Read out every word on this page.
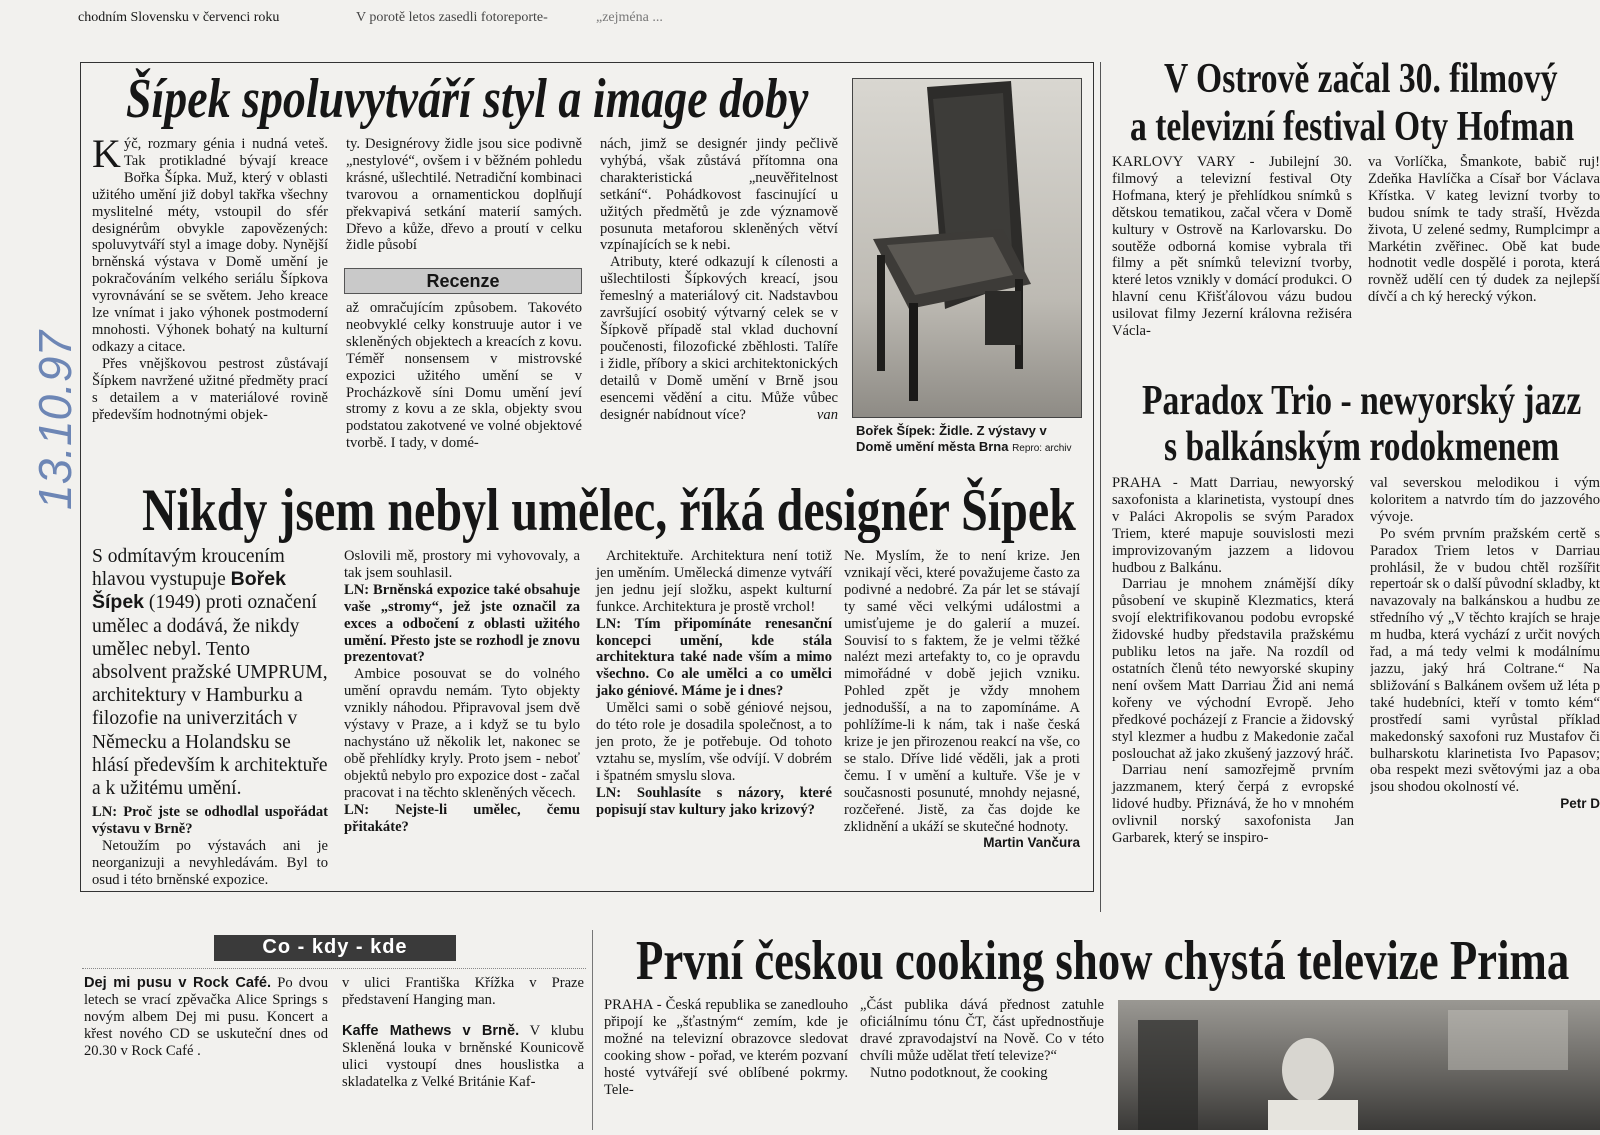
chodním Slovensku v červenci roku	V porotě letos zasedli fotoreporte-	„zejména ...
13.10.97
Šípek spoluvytváří styl a image doby

Kýč, rozmary génia i nudná veteš. Tak protikladné bývají kreace Bořka Šípka. Muž, který v oblasti užitého umění již dobyl takřka všechny myslitelné méty, vstoupil do sfér designérům obvykle zapovězených: spoluvytváří styl a image doby. Nynější brněnská výstava v Domě umění je pokračováním velkého seriálu Šípkova vyrovnávání se se světem. Jeho kreace lze vnímat i jako výhonek postmoderní mnohosti. Výhonek bohatý na kulturní odkazy a citace.

Přes vnějškovou pestrost zůstávají Šípkem navržené užitné předměty prací s detailem a v materiálové rovině především hodnotnými objek-

ty. Designérovy židle jsou sice podivně „nestylové“, ovšem i v běžném pohledu krásné, ušlechtilé. Netradiční kombinaci tvarovou a ornamentickou doplňují překvapivá setkání materií samých. Dřevo a kůže, dřevo a proutí v celku židle působí

Recenze

až omračujícím způsobem. Takovéto neobvyklé celky konstruuje autor i ve skleněných objektech a kreacích z kovu. Téměř nonsensem v mistrovské expozici užitého umění se v Procházkově síni Domu umění jeví stromy z kovu a ze skla, objekty svou podstatou zakotvené ve volné objektové tvorbě. I tady, v domé-

nách, jimž se designér jindy pečlivě vyhýbá, však zůstává přítomna ona charakteristická „neuvěřitelnost setkání“. Pohádkovost fascinující u užitých předmětů je zde významově posunuta metaforou skleněných větví vzpínajících se k nebi.

Atributy, které odkazují k cílenosti a ušlechtilosti Šípkových kreací, jsou řemeslný a materiálový cit. Nadstavbou završující osobitý výtvarný celek se v Šípkově případě stal vklad duchovní poučenosti, filozofické zběhlosti. Talíře i židle, příbory a skici architektonických detailů v Domě umění v Brně jsou esencemi vědění a citu. Může vůbec designér nabídnout více?	van

Bořek Šípek: Židle. Z výstavy v Domě umění města Brna Repro: archiv
Nikdy jsem nebyl umělec, říká designér Šípek

S odmítavým kroucením hlavou vystupuje Bořek Šípek (1949) proti označení umělec a dodává, že nikdy umělec nebyl. Tento absolvent pražské UMPRUM, architektury v Hamburku a filozofie na univerzitách v Německu a Holandsku se hlásí především k architektuře a k užitému umění.

LN: Proč jste se odhodlal uspořádat výstavu v Brně?

Netoužím po výstavách ani je neorganizuji a nevyhledávám. Byl to osud i této brněnské expozice.

Oslovili mě, prostory mi vyhovovaly, a tak jsem souhlasil.

LN: Brněnská expozice také obsahuje vaše „stromy“, jež jste označil za exces a odbočení z oblasti užitého umění. Přesto jste se rozhodl je znovu prezentovat?

Ambice posouvat se do volného umění opravdu nemám. Tyto objekty vznikly náhodou. Připravoval jsem dvě výstavy v Praze, a i když se tu bylo nachystáno už několik let, nakonec se obě přehlídky kryly. Proto jsem - neboť objektů nebylo pro expozice dost - začal pracovat i na těchto skleněných věcech.

LN: Nejste-li umělec, čemu přitakáte?

Architektuře. Architektura není totiž jen uměním. Umělecká dimenze vytváří jen jednu její složku, aspekt kulturní funkce. Architektura je prostě vrchol!

LN: Tím připomínáte renesanční koncepci umění, kde stála architektura také nade vším a mimo všechno. Co ale umělci a co umělci jako géniové. Máme je i dnes?

Umělci sami o sobě géniové nejsou, do této role je dosadila společnost, a to jen proto, že je potřebuje. Od tohoto vztahu se, myslím, vše odvíjí. V dobrém i špatném smyslu slova.

LN: Souhlasíte s názory, které popisují stav kultury jako krizový?

Ne. Myslím, že to není krize. Jen vznikají věci, které považujeme často za podivné a nedobré. Za pár let se stávají ty samé věci velkými událostmi a umisťujeme je do galerií a muzeí. Souvisí to s faktem, že je velmi těžké nalézt mezi artefakty to, co je opravdu mimořádné v době jejich vzniku. Pohled zpět je vždy mnohem jednodušší, a na to zapomínáme. A pohlížíme-li k nám, tak i naše česká krize je jen přirozenou reakcí na vše, co se stalo. Dříve lidé věděli, jak a proti čemu. I v umění a kultuře. Vše je v současnosti posunuté, mnohdy nejasné, rozčeřené. Jistě, za čas dojde ke zklidnění a ukáží se skutečné hodnoty.
Martin Vančura

V Ostrově začal 30. filmový
a televizní festival Oty Hofman

KARLOVY VARY - Jubilejní 30. filmový a televizní festival Oty Hofmana, který je přehlídkou snímků s dětskou tematikou, začal včera v Domě kultury v Ostrově na Karlovarsku. Do soutěže odborná komise vybrala tři filmy a pět snímků televizní tvorby, které letos vznikly v domácí produkci. O hlavní cenu Křišťálovou vázu budou usilovat filmy Jezerní královna režiséra Václa-

va Vorlíčka, Šmankote, babič ruj! Zdeňka Havlíčka a Císař bor Václava Křístka. V kateg levizní tvorby to budou snímk te tady straší, Hvězda života, U zelené sedmy, Rumplcimpr a Markétin zvěřinec. Obě kat bude hodnotit vedle dospělé i porota, která rovněž udělí cen tý dudek za nejlepší dívčí a ch ký herecký výkon.

Paradox Trio - newyorský jazz
s balkánským rodokmenem

PRAHA - Matt Darriau, newyorský saxofonista a klarinetista, vystoupí dnes v Paláci Akropolis se svým Paradox Triem, které mapuje souvislosti mezi improvizovaným jazzem a lidovou hudbou z Balkánu.

Darriau je mnohem známější díky působení ve skupině Klezmatics, která svojí elektrifikovanou podobu evropské židovské hudby představila pražskému publiku letos na jaře. Na rozdíl od ostatních členů této newyorské skupiny není ovšem Matt Darriau Žid ani nemá kořeny ve východní Evropě. Jeho předkové pocházejí z Francie a židovský styl klezmer a hudbu z Makedonie začal poslouchat až jako zkušený jazzový hráč.

Darriau není samozřejmě prvním jazzmanem, který čerpá z evropské lidové hudby. Přiznává, že ho v mnohém ovlivnil norský saxofonista Jan Garbarek, který se inspiro-

val severskou melodikou i vým koloritem a natvrdo tím do jazzového vývoje.

Po svém prvním pražském certě s Paradox Triem letos v Darriau prohlásil, že v budou chtěl rozšířit repertoár sk o další původní skladby, kt navazovaly na balkánskou a hudbu ze středního vý „V těchto krajích se hraje m hudba, která vychází z určit nových řad, a má tedy velmi k modálnímu jazzu, jaký hrá Coltrane.“ Na sbližování s Balkánem ovšem už léta p také hudebníci, kteří v tomto kém“ prostředí sami vyrůstal příklad makedonský saxofoni ruz Mustafov či bulharskotu klarinetista Ivo Papasov; oba respekt mezi světovými jaz a oba jsou shodou okolností vé.

Petr D

Co - kdy - kde

Dej mi pusu v Rock Café. Po dvou letech se vrací zpěvačka Alice Springs s novým albem Dej mi pusu. Koncert a křest nového CD se uskuteční dnes od 20.30 v Rock Café .

v ulici Františka Křížka v Praze představení Hanging man.

Kaffe Mathews v Brně. V klubu Skleněná louka v brněnské Kounicově ulici vystoupí dnes houslistka a skladatelka z Velké Británie Kaf-

První českou cooking show chystá televize Prima

PRAHA - Česká republika se zanedlouho připojí ke „šťastným“ zemím, kde je možné na televizní obrazovce sledovat cooking show - pořad, ve kterém pozvaní hosté vytvářejí své oblíbené pokrmy. Tele-

„Část publika dává přednost zatuhle oficiálnímu tónu ČT, část upřednostňuje dravé zpravodajství na Nově. Co v této chvíli může udělat třetí televize?“

Nutno podotknout, že cooking
